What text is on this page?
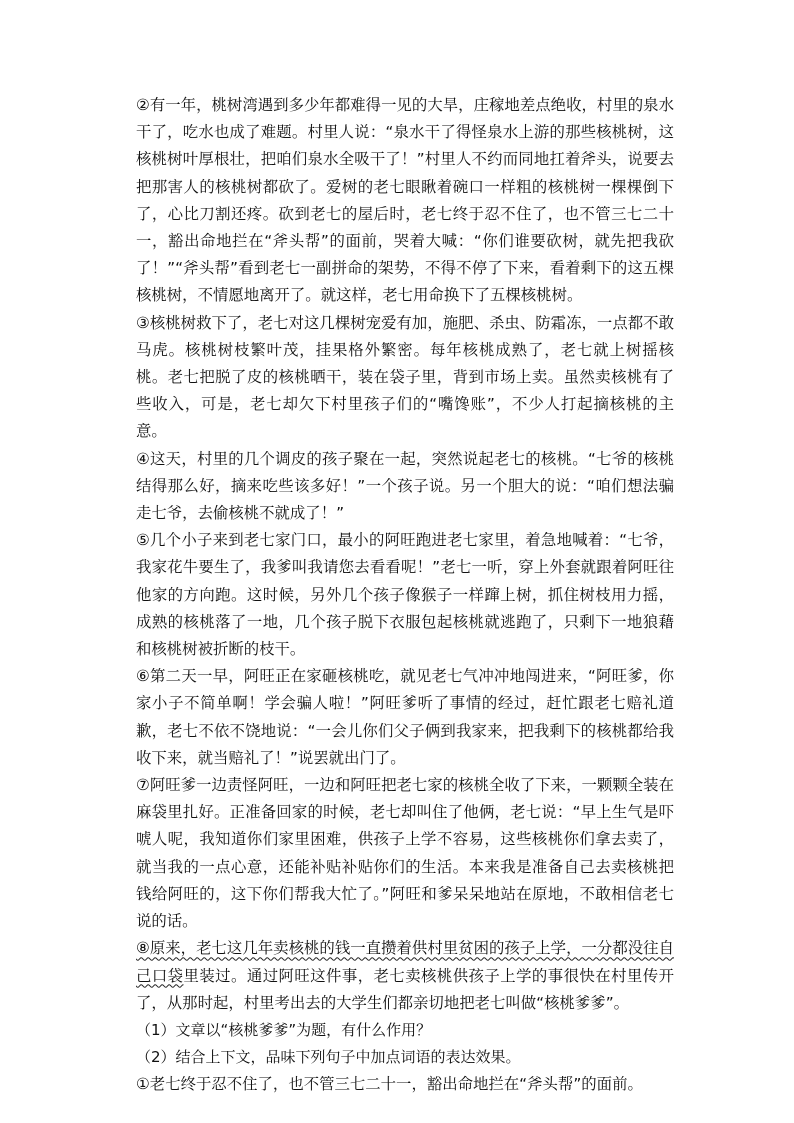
②有一年，桃树湾遇到多少年都难得一见的大旱，庄稼地差点绝收，村里的泉水干了，吃水也成了难题。村里人说：“泉水干了得怪泉水上游的那些核桃树，这核桃树叶厚根壮，把咱们泉水全吸干了！”村里人不约而同地扛着斧头，说要去把那害人的核桃树都砍了。爱树的老七眼瞅着碗口一样粗的核桃树一棵棵倒下了，心比刀割还疼。砍到老七的屋后时，老七终于忍不住了，也不管三七二十一，豁出命地拦在“斧头帮”的面前，哭着大喊：“你们谁要砍树，就先把我砍了！”“斧头帮”看到老七一副拼命的架势，不得不停了下来，看着剩下的这五棵核桃树，不情愿地离开了。就这样，老七用命换下了五棵核桃树。

③核桃树救下了，老七对这几棵树宠爱有加，施肥、杀虫、防霜冻，一点都不敢马虎。核桃树枝繁叶茂，挂果格外繁密。每年核桃成熟了，老七就上树摇核桃。老七把脱了皮的核桃晒干，装在袋子里，背到市场上卖。虽然卖核桃有了些收入，可是，老七却欠下村里孩子们的“嘴馋账”，不少人打起摘核桃的主意。

④这天，村里的几个调皮的孩子聚在一起，突然说起老七的核桃。“七爷的核桃结得那么好，摘来吃些该多好！”一个孩子说。另一个胆大的说：“咱们想法骗走七爷，去偷核桃不就成了！”

⑤几个小子来到老七家门口，最小的阿旺跑进老七家里，着急地喊着：“七爷，我家花牛要生了，我爹叫我请您去看看呢！”老七一听，穿上外套就跟着阿旺往他家的方向跑。这时候，另外几个孩子像猴子一样蹿上树，抓住树枝用力摇，成熟的核桃落了一地，几个孩子脱下衣服包起核桃就逃跑了，只剩下一地狼藉和核桃树被折断的枝干。

⑥第二天一早，阿旺正在家砸核桃吃，就见老七气冲冲地闯进来，“阿旺爹，你家小子不简单啊！学会骗人啦！”阿旺爹听了事情的经过，赶忙跟老七赔礼道歉，老七不依不饶地说：“一会儿你们父子俩到我家来，把我剩下的核桃都给我收下来，就当赔礼了！”说罢就出门了。

⑦阿旺爹一边责怪阿旺，一边和阿旺把老七家的核桃全收了下来，一颗颗全装在麻袋里扎好。正准备回家的时候，老七却叫住了他俩，老七说：“早上生气是吓唬人呢，我知道你们家里困难，供孩子上学不容易，这些核桃你们拿去卖了，就当我的一点心意，还能补贴补贴你们的生活。本来我是准备自己去卖核桃把钱给阿旺的，这下你们帮我大忙了。”阿旺和爹呆呆地站在原地，不敢相信老七说的话。

⑧原来，老七这几年卖核桃的钱一直攒着供村里贫困的孩子上学，一分都没往自己口袋里装过。通过阿旺这件事，老七卖核桃供孩子上学的事很快在村里传开了，从那时起，村里考出去的大学生们都亲切地把老七叫做“核桃爹爹”。

（1）文章以“核桃爹爹”为题，有什么作用？

（2）结合上下文，品味下列句子中加点词语的表达效果。

①老七终于忍不住了，也不管三七二十一，豁出命地拦在“斧头帮”的面前。
